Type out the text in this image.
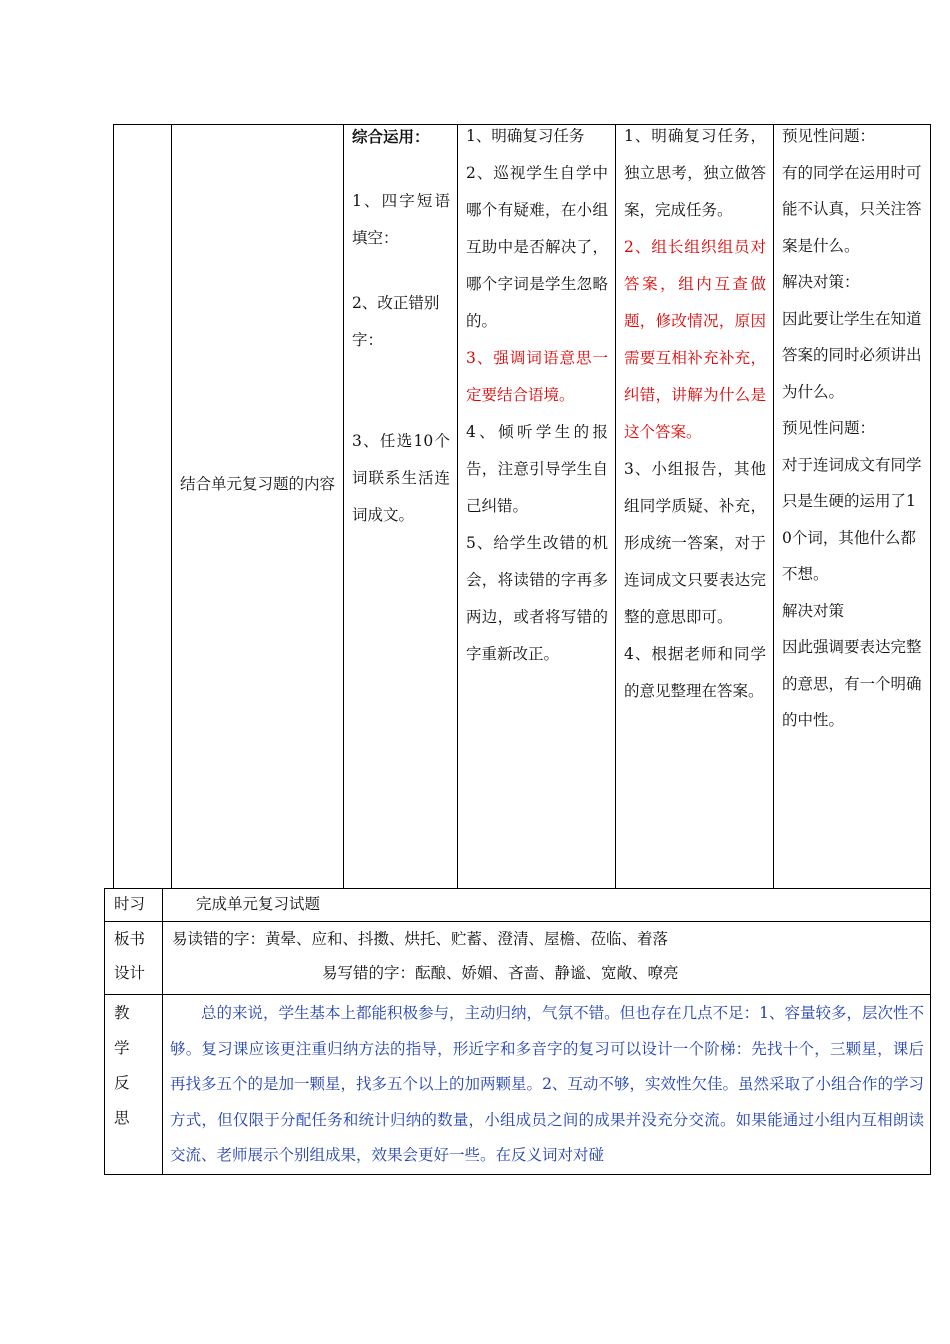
结合单元复习题的内容
综合运用：
1、四字短语填空：
2、改正错别字：
3、任选10个词联系生活连词成文。
1、明确复习任务
2、巡视学生自学中哪个有疑难，在小组互助中是否解决了，哪个字词是学生忽略的。
3、强调词语意思一定要结合语境。
4、倾听学生的报告，注意引导学生自己纠错。
5、给学生改错的机会，将读错的字再多两边，或者将写错的字重新改正。
1、明确复习任务，独立思考，独立做答案，完成任务。
2、组长组织组员对答案，组内互查做题，修改情况，原因需要互相补充补充，纠错，讲解为什么是这个答案。
3、小组报告，其他组同学质疑、补充，形成统一答案，对于连词成文只要表达完整的意思即可。
4、根据老师和同学的意见整理在答案。
预见性问题：
有的同学在运用时可能不认真，只关注答案是什么。
解决对策：
因此要让学生在知道答案的同时必须讲出为什么。
预见性问题：
对于连词成文有同学只是生硬的运用了10个词，其他什么都不想。
解决对策
因此强调要表达完整的意思，有一个明确的中性。
时习	完成单元复习试题
板书设计
易读错的字：黄晕、应和、抖擞、烘托、贮蓄、澄清、屋檐、莅临、着落
易写错的字：酝酿、娇媚、吝啬、静谧、宽敞、嘹亮
教学反思
总的来说，学生基本上都能积极参与，主动归纳，气氛不错。但也存在几点不足：1、容量较多，层次性不够。复习课应该更注重归纳方法的指导，形近字和多音字的复习可以设计一个阶梯：先找十个，三颗星，课后再找多五个的是加一颗星，找多五个以上的加两颗星。2、互动不够，实效性欠佳。虽然采取了小组合作的学习方式，但仅限于分配任务和统计归纳的数量，小组成员之间的成果并没充分交流。如果能通过小组内互相朗读交流、老师展示个别组成果，效果会更好一些。在反义词对对碰
